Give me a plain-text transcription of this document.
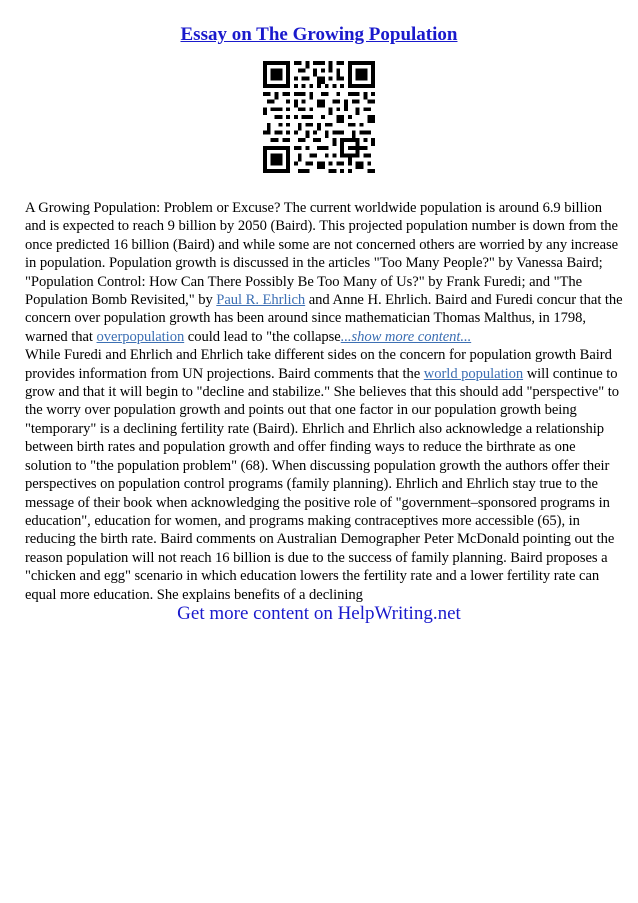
Essay on The Growing Population

A Growing Population: Problem or Excuse? The current worldwide population is around 6.9 billion and is expected to reach 9 billion by 2050 (Baird). This projected population number is down from the once predicted 16 billion (Baird) and while some are not concerned others are worried by any increase in population. Population growth is discussed in the articles "Too Many People?" by Vanessa Baird; "Population Control: How Can There Possibly Be Too Many of Us?" by Frank Furedi; and "The Population Bomb Revisited," by Paul R. Ehrlich and Anne H. Ehrlich. Baird and Furedi concur that the concern over population growth has been around since mathematician Thomas Malthus, in 1798, warned that overpopulation could lead to "the collapse...show more content...

While Furedi and Ehrlich and Ehrlich take different sides on the concern for population growth Baird provides information from UN projections. Baird comments that the world population will continue to grow and that it will begin to "decline and stabilize." She believes that this should add "perspective" to the worry over population growth and points out that one factor in our population growth being "temporary" is a declining fertility rate (Baird). Ehrlich and Ehrlich also acknowledge a relationship between birth rates and population growth and offer finding ways to reduce the birthrate as one solution to "the population problem" (68). When discussing population growth the authors offer their perspectives on population control programs (family planning). Ehrlich and Ehrlich stay true to the message of their book when acknowledging the positive role of "government–sponsored programs in education", education for women, and programs making contraceptives more accessible (65), in reducing the birth rate. Baird comments on Australian Demographer Peter McDonald pointing out the reason population will not reach 16 billion is due to the success of family planning. Baird proposes a "chicken and egg" scenario in which education lowers the fertility rate and a lower fertility rate can equal more education. She explains benefits of a declining

Get more content on HelpWriting.net
